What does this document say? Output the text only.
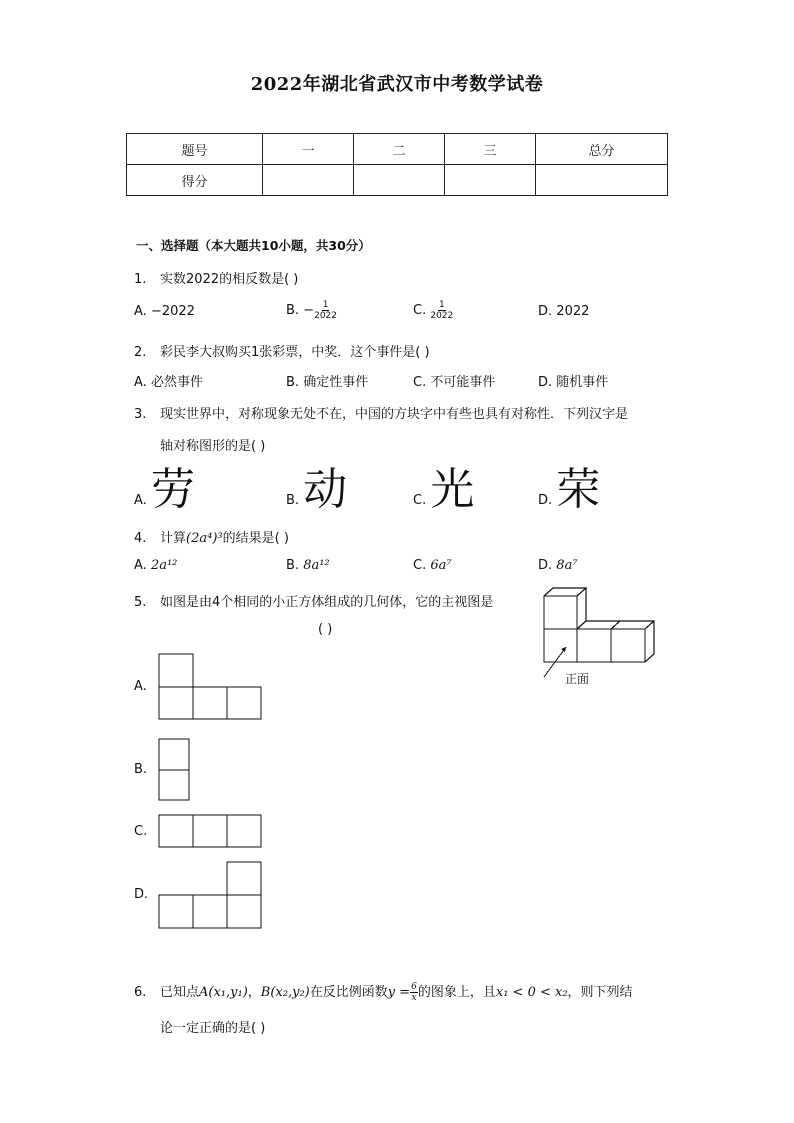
2022年湖北省武汉市中考数学试卷
题号	一	二	三	总分
得分				
一、选择题（本大题共10小题，共30分）
1. 实数2022的相反数是( )
A. −2022	B. − $\frac{1}{2022}$	C. $\frac{1}{2022}$	D. 2022
2. 彩民李大叔购买1张彩票，中奖．这个事件是( )
A. 必然事件	B. 确定性事件	C. 不可能事件	D. 随机事件
3. 现实世界中，对称现象无处不在，中国的方块字中有些也具有对称性．下列汉字是
轴对称图形的是( )
A. 劳	B. 动	C. 光	D. 荣
4. 计算(2a⁴)³的结果是( )
A. 2a¹²	B. 8a¹²	C. 6a⁷	D. 8a⁷
5. 如图是由4个相同的小正方体组成的几何体，它的主视图是
( )
正面
A.
B.
C.
D.
6. 已知点A(x₁,y₁)，B(x₂,y₂)在反比例函数$y = \frac{6}{x}$ 的图象上，且x₁ < 0 < x₂，则下列结
论一定正确的是( )
